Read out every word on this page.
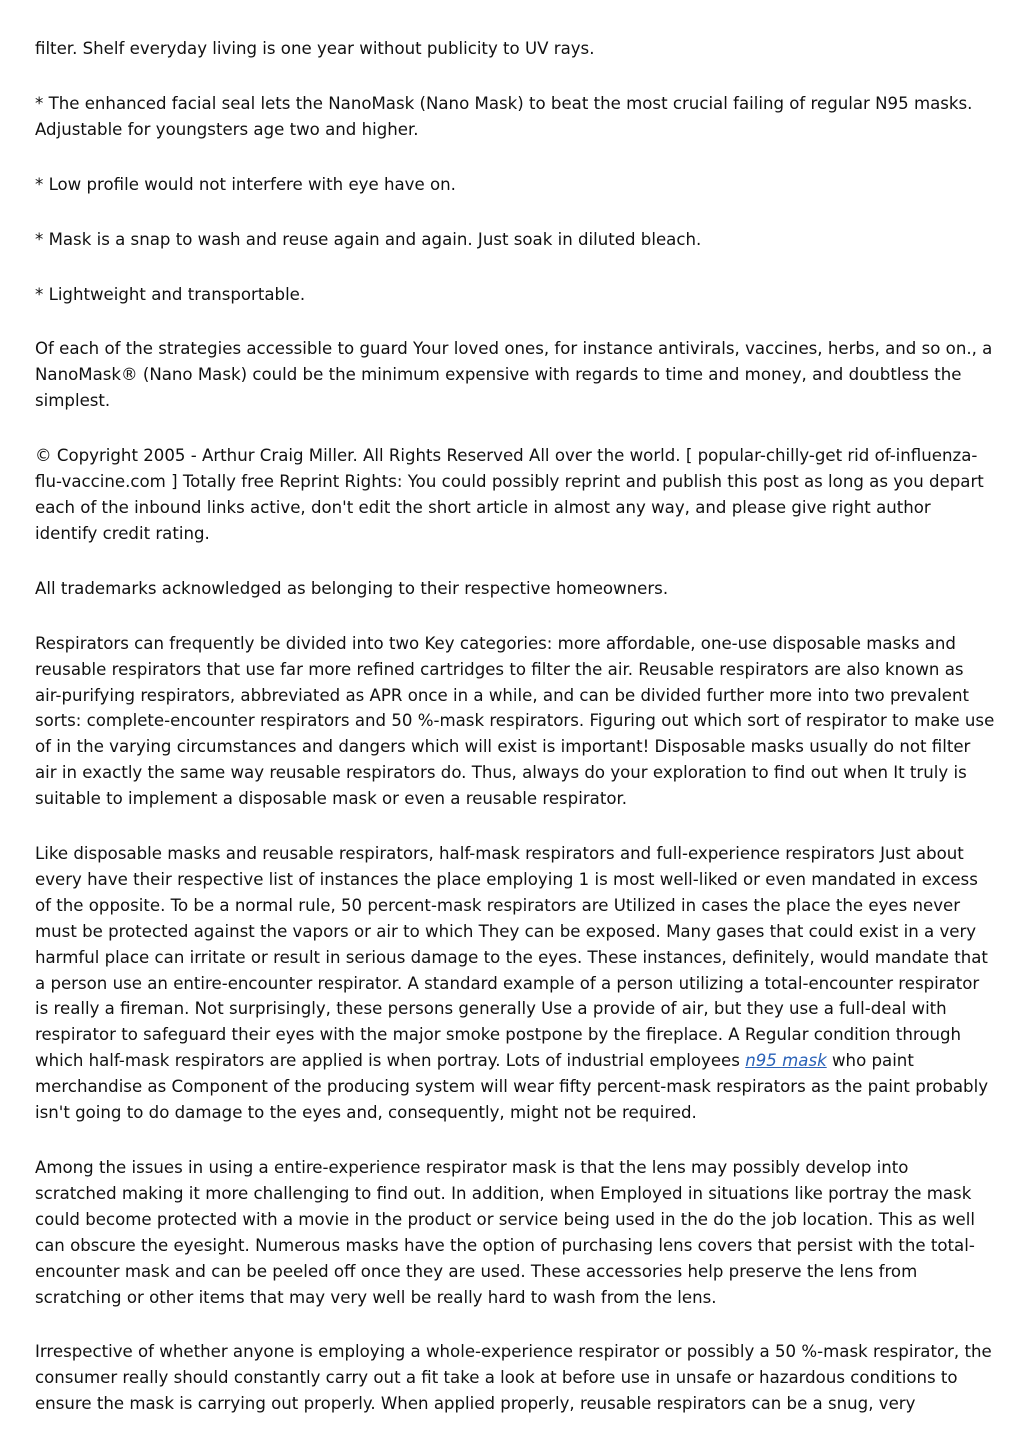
filter. Shelf everyday living is one year without publicity to UV rays.

* The enhanced facial seal lets the NanoMask (Nano Mask) to beat the most crucial failing of regular N95 masks. Adjustable for youngsters age two and higher.

* Low profile would not interfere with eye have on.

* Mask is a snap to wash and reuse again and again. Just soak in diluted bleach.

* Lightweight and transportable.

Of each of the strategies accessible to guard Your loved ones, for instance antivirals, vaccines, herbs, and so on., a NanoMask® (Nano Mask) could be the minimum expensive with regards to time and money, and doubtless the simplest.

© Copyright 2005 - Arthur Craig Miller. All Rights Reserved All over the world. [ popular-chilly-get rid of-influenza-flu-vaccine.com ] Totally free Reprint Rights: You could possibly reprint and publish this post as long as you depart each of the inbound links active, don't edit the short article in almost any way, and please give right author identify credit rating.

All trademarks acknowledged as belonging to their respective homeowners.

Respirators can frequently be divided into two Key categories: more affordable, one-use disposable masks and reusable respirators that use far more refined cartridges to filter the air. Reusable respirators are also known as air-purifying respirators, abbreviated as APR once in a while, and can be divided further more into two prevalent sorts: complete-encounter respirators and 50 %-mask respirators. Figuring out which sort of respirator to make use of in the varying circumstances and dangers which will exist is important! Disposable masks usually do not filter air in exactly the same way reusable respirators do. Thus, always do your exploration to find out when It truly is suitable to implement a disposable mask or even a reusable respirator.

Like disposable masks and reusable respirators, half-mask respirators and full-experience respirators Just about every have their respective list of instances the place employing 1 is most well-liked or even mandated in excess of the opposite. To be a normal rule, 50 percent-mask respirators are Utilized in cases the place the eyes never must be protected against the vapors or air to which They can be exposed. Many gases that could exist in a very harmful place can irritate or result in serious damage to the eyes. These instances, definitely, would mandate that a person use an entire-encounter respirator. A standard example of a person utilizing a total-encounter respirator is really a fireman. Not surprisingly, these persons generally Use a provide of air, but they use a full-deal with respirator to safeguard their eyes with the major smoke postpone by the fireplace. A Regular condition through which half-mask respirators are applied is when portray. Lots of industrial employees n95 mask who paint merchandise as Component of the producing system will wear fifty percent-mask respirators as the paint probably isn't going to do damage to the eyes and, consequently, might not be required.

Among the issues in using a entire-experience respirator mask is that the lens may possibly develop into scratched making it more challenging to find out. In addition, when Employed in situations like portray the mask could become protected with a movie in the product or service being used in the do the job location. This as well can obscure the eyesight. Numerous masks have the option of purchasing lens covers that persist with the total-encounter mask and can be peeled off once they are used. These accessories help preserve the lens from scratching or other items that may very well be really hard to wash from the lens.

Irrespective of whether anyone is employing a whole-experience respirator or possibly a 50 %-mask respirator, the consumer really should constantly carry out a fit take a look at before use in unsafe or hazardous conditions to ensure the mask is carrying out properly. When applied properly, reusable respirators can be a snug, very
